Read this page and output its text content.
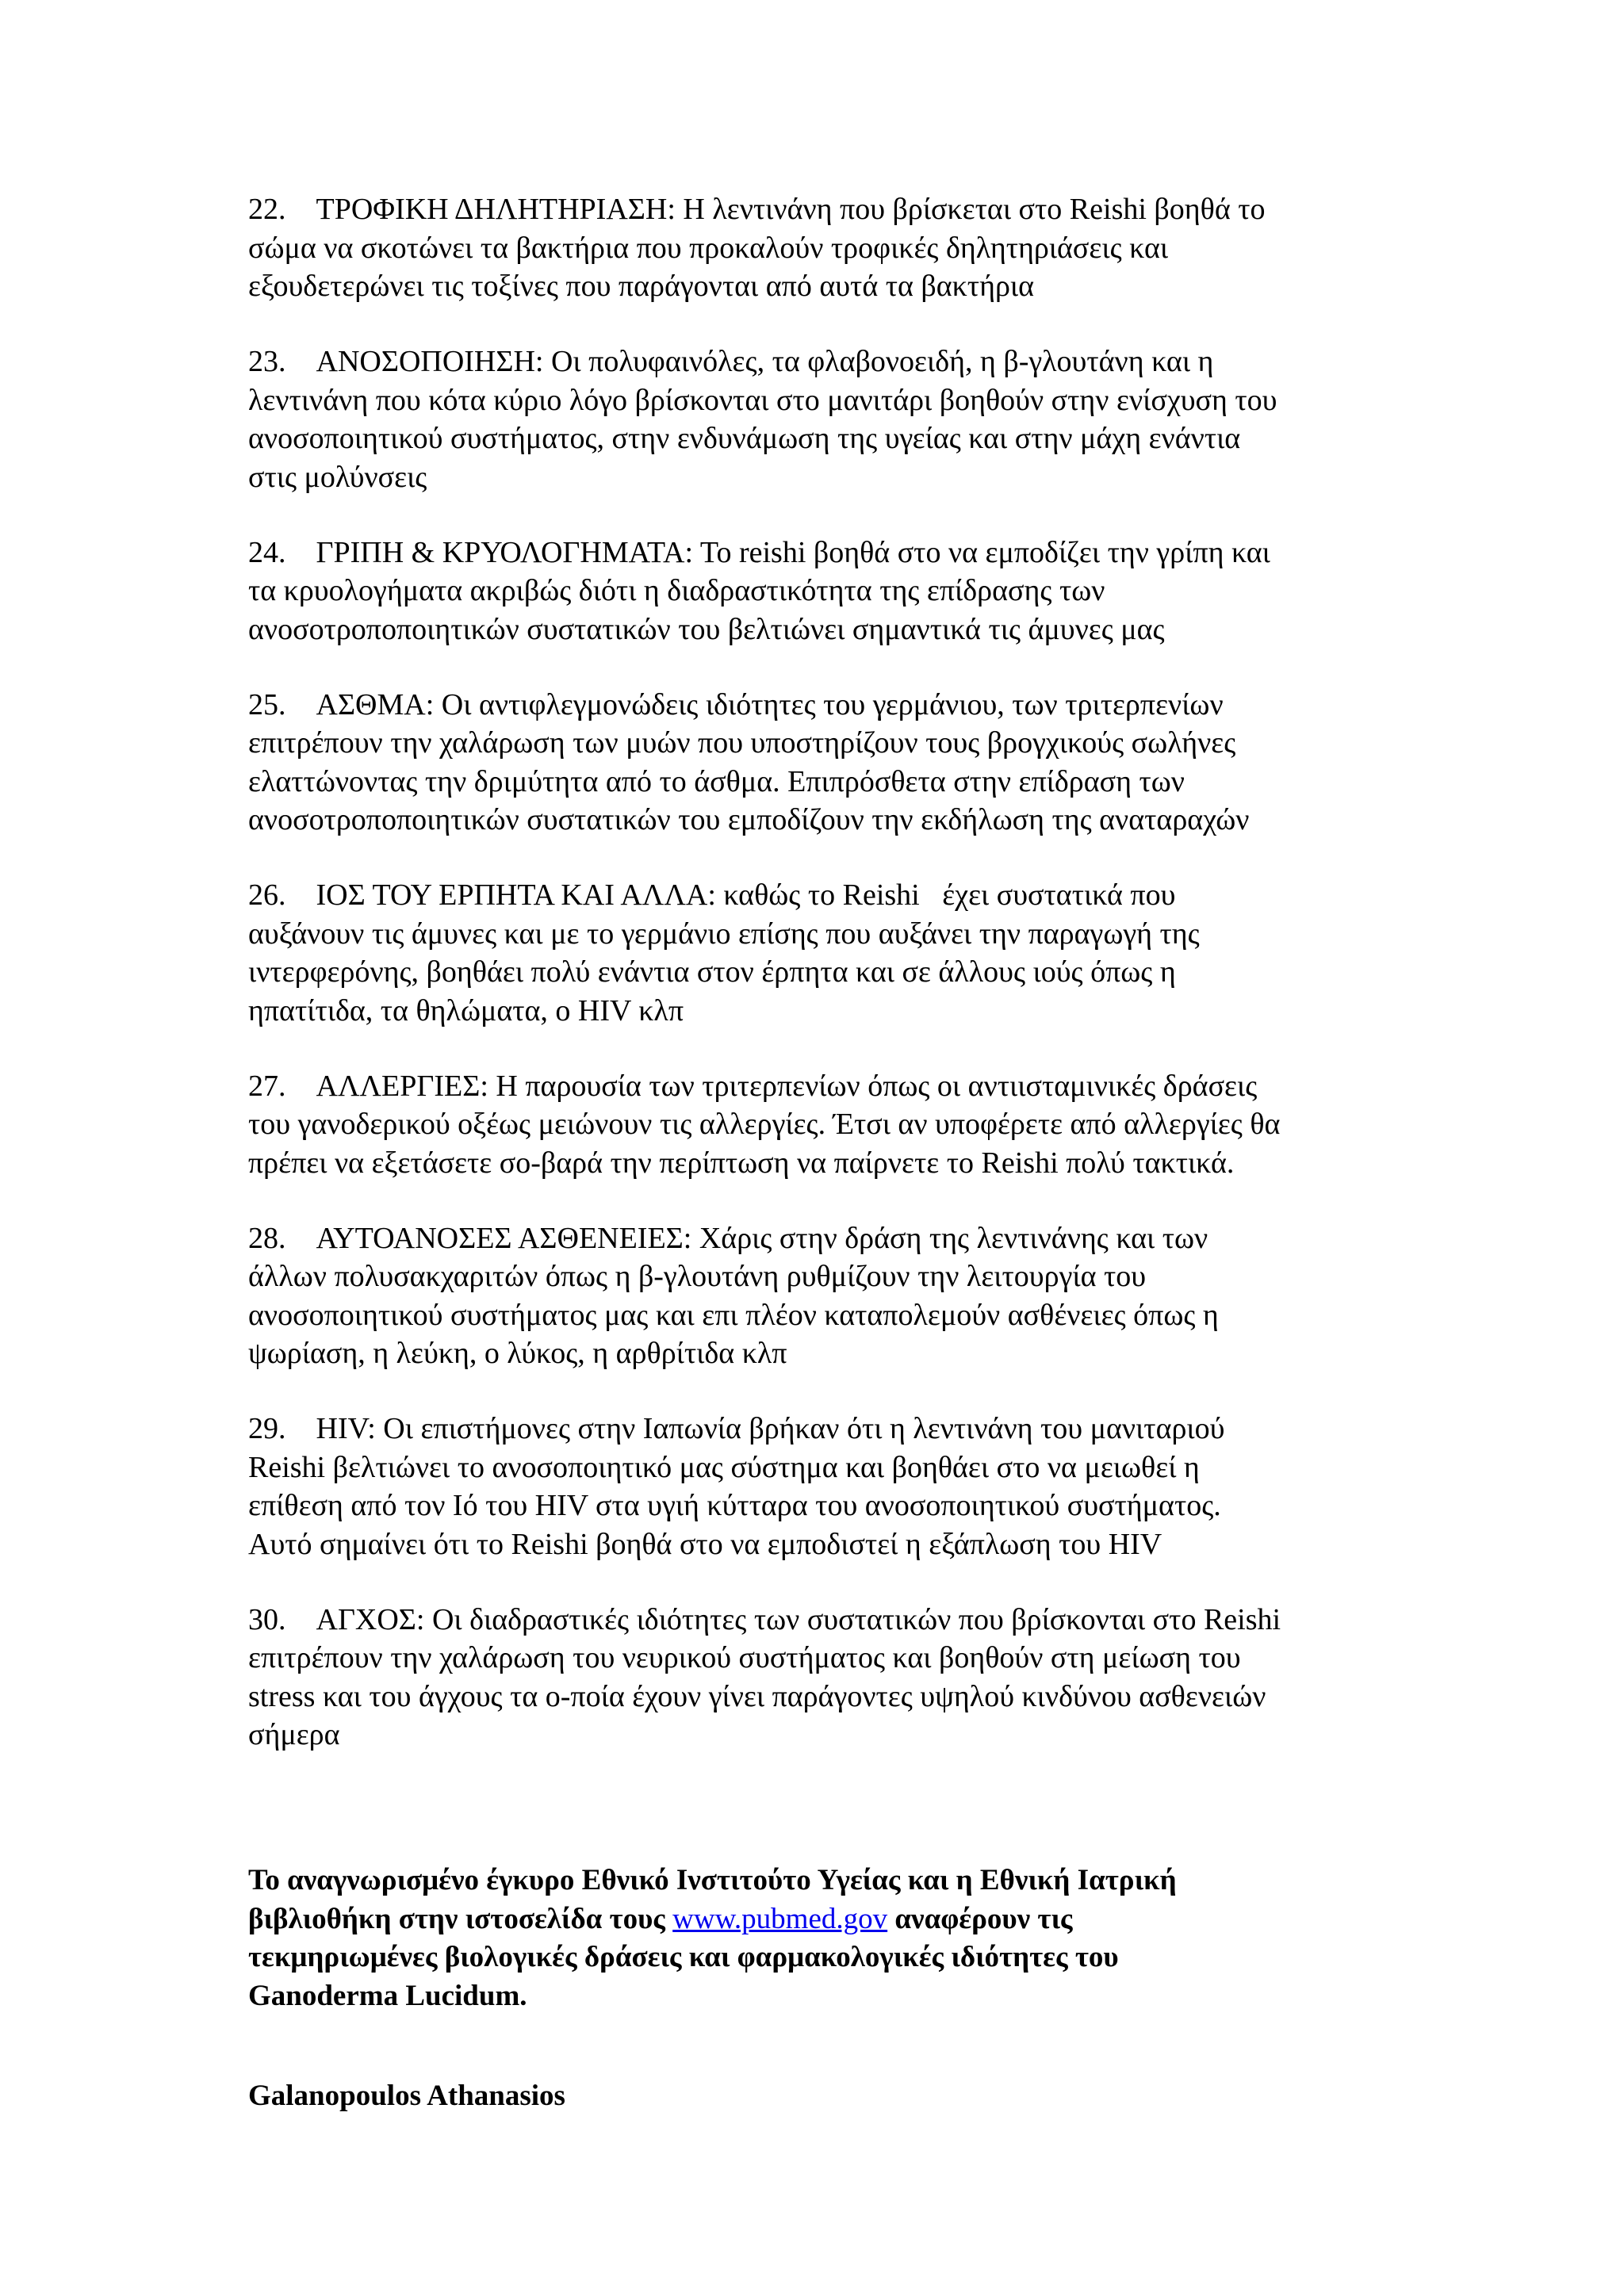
22.    ΤΡΟΦΙΚΗ ΔΗΛΗΤΗΡΙΑΣΗ: Η λεντινάνη που βρίσκεται στο Reishi βοηθά το
σώμα να σκοτώνει τα βακτήρια που προκαλούν τροφικές δηλητηριάσεις και
εξουδετερώνει τις τοξίνες που παράγονται από αυτά τα βακτήρια
23.    ΑΝΟΣΟΠΟΙΗΣΗ: Οι πολυφαινόλες, τα φλαβονοειδή, η β-γλουτάνη και η
λεντινάνη που κότα κύριο λόγο βρίσκονται στο μανιτάρι βοηθούν στην ενίσχυση του
ανοσοποιητικού συστήματος, στην ενδυνάμωση της υγείας και στην μάχη ενάντια
στις μολύνσεις
24.    ΓΡΙΠΗ & ΚΡΥΟΛΟΓΗΜΑΤΑ: Το reishi βοηθά στο να εμποδίζει την γρίπη και
τα κρυολογήματα ακριβώς διότι η διαδραστικότητα της επίδρασης των
ανοσοτροποποιητικών συστατικών του βελτιώνει σημαντικά τις άμυνες μας
25.    ΑΣΘΜΑ: Οι αντιφλεγμονώδεις ιδιότητες του γερμάνιου, των τριτερπενίων
επιτρέπουν την χαλάρωση των μυών που υποστηρίζουν τους βρογχικούς σωλήνες
ελαττώνοντας την δριμύτητα από το άσθμα. Επιπρόσθετα στην επίδραση των
ανοσοτροποποιητικών συστατικών του εμποδίζουν την εκδήλωση της αναταραχών
26.    ΙΟΣ ΤΟΥ ΕΡΠΗΤΑ ΚΑΙ ΑΛΛΑ: καθώς το Reishi   έχει συστατικά που
αυξάνουν τις άμυνες και με το γερμάνιο επίσης που αυξάνει την παραγωγή της
ιντερφερόνης, βοηθάει πολύ ενάντια στον έρπητα και σε άλλους ιούς όπως η
ηπατίτιδα, τα θηλώματα, ο HIV κλπ
27.    ΑΛΛΕΡΓΙΕΣ: Η παρουσία των τριτερπενίων όπως οι αντιισταμινικές δράσεις
του γανοδερικού οξέως μειώνουν τις αλλεργίες. Έτσι αν υποφέρετε από αλλεργίες θα
πρέπει να εξετάσετε σο-βαρά την περίπτωση να παίρνετε το Reishi πολύ τακτικά.
28.    ΑΥΤΟΑΝΟΣΕΣ ΑΣΘΕΝΕΙΕΣ: Χάρις στην δράση της λεντινάνης και των
άλλων πολυσακχαριτών όπως η β-γλουτάνη ρυθμίζουν την λειτουργία του
ανοσοποιητικού συστήματος μας και επι πλέον καταπολεμούν ασθένειες όπως η
ψωρίαση, η λεύκη, ο λύκος, η αρθρίτιδα κλπ
29.    HIV: Οι επιστήμονες στην Ιαπωνία βρήκαν ότι η λεντινάνη του μανιταριού
Reishi βελτιώνει το ανοσοποιητικό μας σύστημα και βοηθάει στο να μειωθεί η
επίθεση από τον Ιό του HIV στα υγιή κύτταρα του ανοσοποιητικού συστήματος.
Αυτό σημαίνει ότι το Reishi βοηθά στο να εμποδιστεί η εξάπλωση του HIV
30.    ΑΓΧΟΣ: Οι διαδραστικές ιδιότητες των συστατικών που βρίσκονται στο Reishi
επιτρέπουν την χαλάρωση του νευρικού συστήματος και βοηθούν στη μείωση του
stress και του άγχους τα ο-ποία έχουν γίνει παράγοντες υψηλού κινδύνου ασθενειών
σήμερα
Το αναγνωρισμένο έγκυρο Εθνικό Ινστιτούτο Υγείας και η Εθνική Ιατρική
βιβλιοθήκη στην ιστοσελίδα τους www.pubmed.gov αναφέρουν τις
τεκμηριωμένες βιολογικές δράσεις και φαρμακολογικές ιδιότητες του
Ganoderma Lucidum.
Galanopoulos Athanasios
